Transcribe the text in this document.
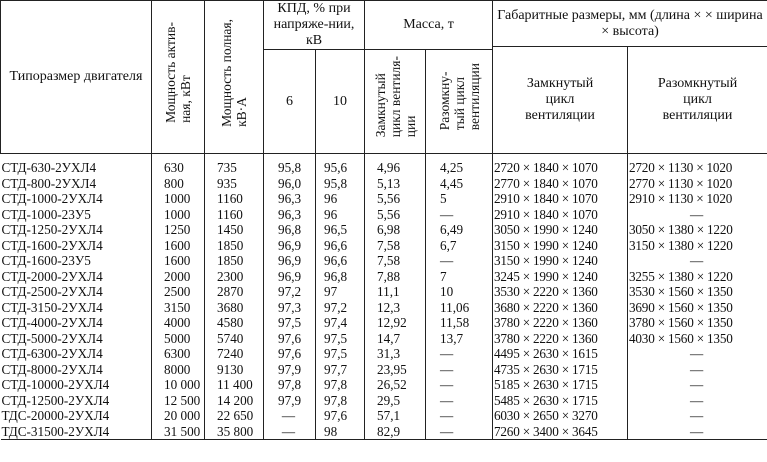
Типоразмер двигателя	Мощность актив- ная, кВт	Мощность полная, кВ·А	КПД, % при напряже-нии, кВ		Масса, т		Габаритные размеры, мм (длина × × ширина × высота)	
							Замкнутый цикл вентиляции	Разомкнутый цикл вентиляции
			6	10	Замкнутый цикл вентиля- ции	Разомкну- тый цикл вентиляции		

СТД-630-2УХЛ4	630	735	95,8	95,6	4,96	4,25	2720 × 1840 × 1070	2720 × 1130 × 1020
СТД-800-2УХЛ4	800	935	96,0	95,8	5,13	4,45	2770 × 1840 × 1070	2770 × 1130 × 1020
СТД-1000-2УХЛ4	1000	1160	96,3	96	5,56	5	2910 × 1840 × 1070	2910 × 1130 × 1020
СТД-1000-23У5	1000	1160	96,3	96	5,56	—	2910 × 1840 × 1070	—
СТД-1250-2УХЛ4	1250	1450	96,8	96,5	6,98	6,49	3050 × 1990 × 1240	3050 × 1380 × 1220
СТД-1600-2УХЛ4	1600	1850	96,9	96,6	7,58	6,7	3150 × 1990 × 1240	3150 × 1380 × 1220
СТД-1600-23У5	1600	1850	96,9	96,6	7,58	—	3150 × 1990 × 1240	—
СТД-2000-2УХЛ4	2000	2300	96,9	96,8	7,88	7	3245 × 1990 × 1240	3255 × 1380 × 1220
СТД-2500-2УХЛ4	2500	2870	97,2	97	11,1	10	3530 × 2220 × 1360	3530 × 1560 × 1350
СТД-3150-2УХЛ4	3150	3680	97,3	97,2	12,3	11,06	3680 × 2220 × 1360	3690 × 1560 × 1350
СТД-4000-2УХЛ4	4000	4580	97,5	97,4	12,92	11,58	3780 × 2220 × 1360	3780 × 1560 × 1350
СТД-5000-2УХЛ4	5000	5740	97,6	97,5	14,7	13,7	3780 × 2220 × 1360	4030 × 1560 × 1350
СТД-6300-2УХЛ4	6300	7240	97,6	97,5	31,3	—	4495 × 2630 × 1615	—
СТД-8000-2УХЛ4	8000	9130	97,9	97,7	23,95	—	4735 × 2630 × 1715	—
СТД-10000-2УХЛ4	10 000	11 400	97,8	97,8	26,52	—	5185 × 2630 × 1715	—
СТД-12500-2УХЛ4	12 500	14 200	97,9	97,8	29,5	—	5485 × 2630 × 1715	—
ТДС-20000-2УХЛ4	20 000	22 650	—	97,6	57,1	—	6030 × 2650 × 3270	—
ТДС-31500-2УХЛ4	31 500	35 800	—	98	82,9	—	7260 × 3400 × 3645	—
